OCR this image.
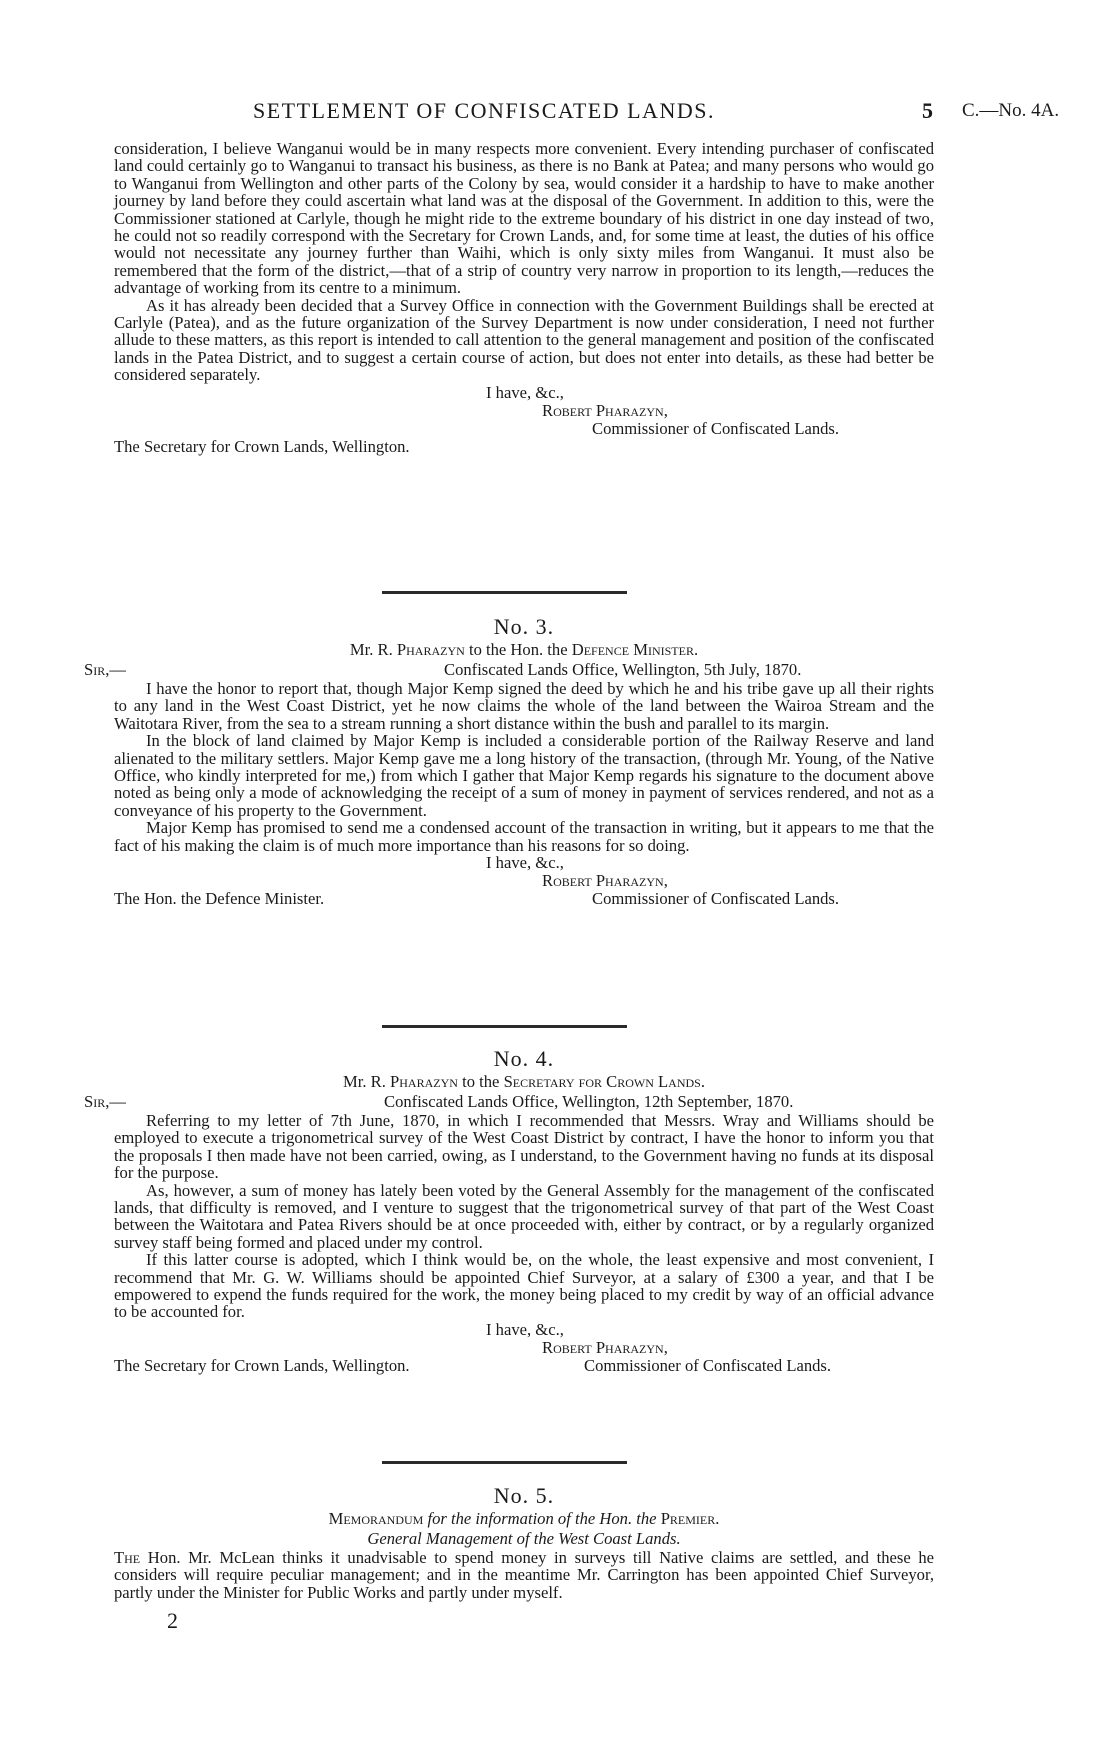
SETTLEMENT OF CONFISCATED LANDS.	5 C.—No. 4A.

consideration, I believe Wanganui would be in many respects more convenient. Every intending purchaser of confiscated land could certainly go to Wanganui to transact his business, as there is no Bank at Patea; and many persons who would go to Wanganui from Wellington and other parts of the Colony by sea, would consider it a hardship to have to make another journey by land before they could ascertain what land was at the disposal of the Government. In addition to this, were the Commissioner stationed at Carlyle, though he might ride to the extreme boundary of his district in one day instead of two, he could not so readily correspond with the Secretary for Crown Lands, and, for some time at least, the duties of his office would not necessitate any journey further than Waihi, which is only sixty miles from Wanganui. It must also be remembered that the form of the district,—that of a strip of country very narrow in proportion to its length,—reduces the advantage of working from its centre to a minimum.

As it has already been decided that a Survey Office in connection with the Government Buildings shall be erected at Carlyle (Patea), and as the future organization of the Survey Department is now under consideration, I need not further allude to these matters, as this report is intended to call attention to the general management and position of the confiscated lands in the Patea District, and to suggest a certain course of action, but does not enter into details, as these had better be considered separately.

I have, &c.,
Robert Pharazyn,
Commissioner of Confiscated Lands.
The Secretary for Crown Lands, Wellington.
No. 3.
Mr. R. Pharazyn to the Hon. the Defence Minister.
Sir,—	Confiscated Lands Office, Wellington, 5th July, 1870.

I have the honor to report that, though Major Kemp signed the deed by which he and his tribe gave up all their rights to any land in the West Coast District, yet he now claims the whole of the land between the Wairoa Stream and the Waitotara River, from the sea to a stream running a short distance within the bush and parallel to its margin.

In the block of land claimed by Major Kemp is included a considerable portion of the Railway Reserve and land alienated to the military settlers. Major Kemp gave me a long history of the transaction, (through Mr. Young, of the Native Office, who kindly interpreted for me,) from which I gather that Major Kemp regards his signature to the document above noted as being only a mode of acknowledging the receipt of a sum of money in payment of services rendered, and not as a conveyance of his property to the Government.

Major Kemp has promised to send me a condensed account of the transaction in writing, but it appears to me that the fact of his making the claim is of much more importance than his reasons for so doing.

I have, &c.,
Robert Pharazyn,
The Hon. the Defence Minister.	Commissioner of Confiscated Lands.
No. 4.
Mr. R. Pharazyn to the Secretary for Crown Lands.
Sir,—	Confiscated Lands Office, Wellington, 12th September, 1870.

Referring to my letter of 7th June, 1870, in which I recommended that Messrs. Wray and Williams should be employed to execute a trigonometrical survey of the West Coast District by contract, I have the honor to inform you that the proposals I then made have not been carried, owing, as I understand, to the Government having no funds at its disposal for the purpose.

As, however, a sum of money has lately been voted by the General Assembly for the management of the confiscated lands, that difficulty is removed, and I venture to suggest that the trigonometrical survey of that part of the West Coast between the Waitotara and Patea Rivers should be at once proceeded with, either by contract, or by a regularly organized survey staff being formed and placed under my control.

If this latter course is adopted, which I think would be, on the whole, the least expensive and most convenient, I recommend that Mr. G. W. Williams should be appointed Chief Surveyor, at a salary of £300 a year, and that I be empowered to expend the funds required for the work, the money being placed to my credit by way of an official advance to be accounted for.

I have, &c.,
Robert Pharazyn,
The Secretary for Crown Lands, Wellington.	Commissioner of Confiscated Lands.
No. 5.
Memorandum for the information of the Hon. the Premier.
General Management of the West Coast Lands.

The Hon. Mr. McLean thinks it unadvisable to spend money in surveys till Native claims are settled, and these he considers will require peculiar management; and in the meantime Mr. Carrington has been appointed Chief Surveyor, partly under the Minister for Public Works and partly under myself.

2
